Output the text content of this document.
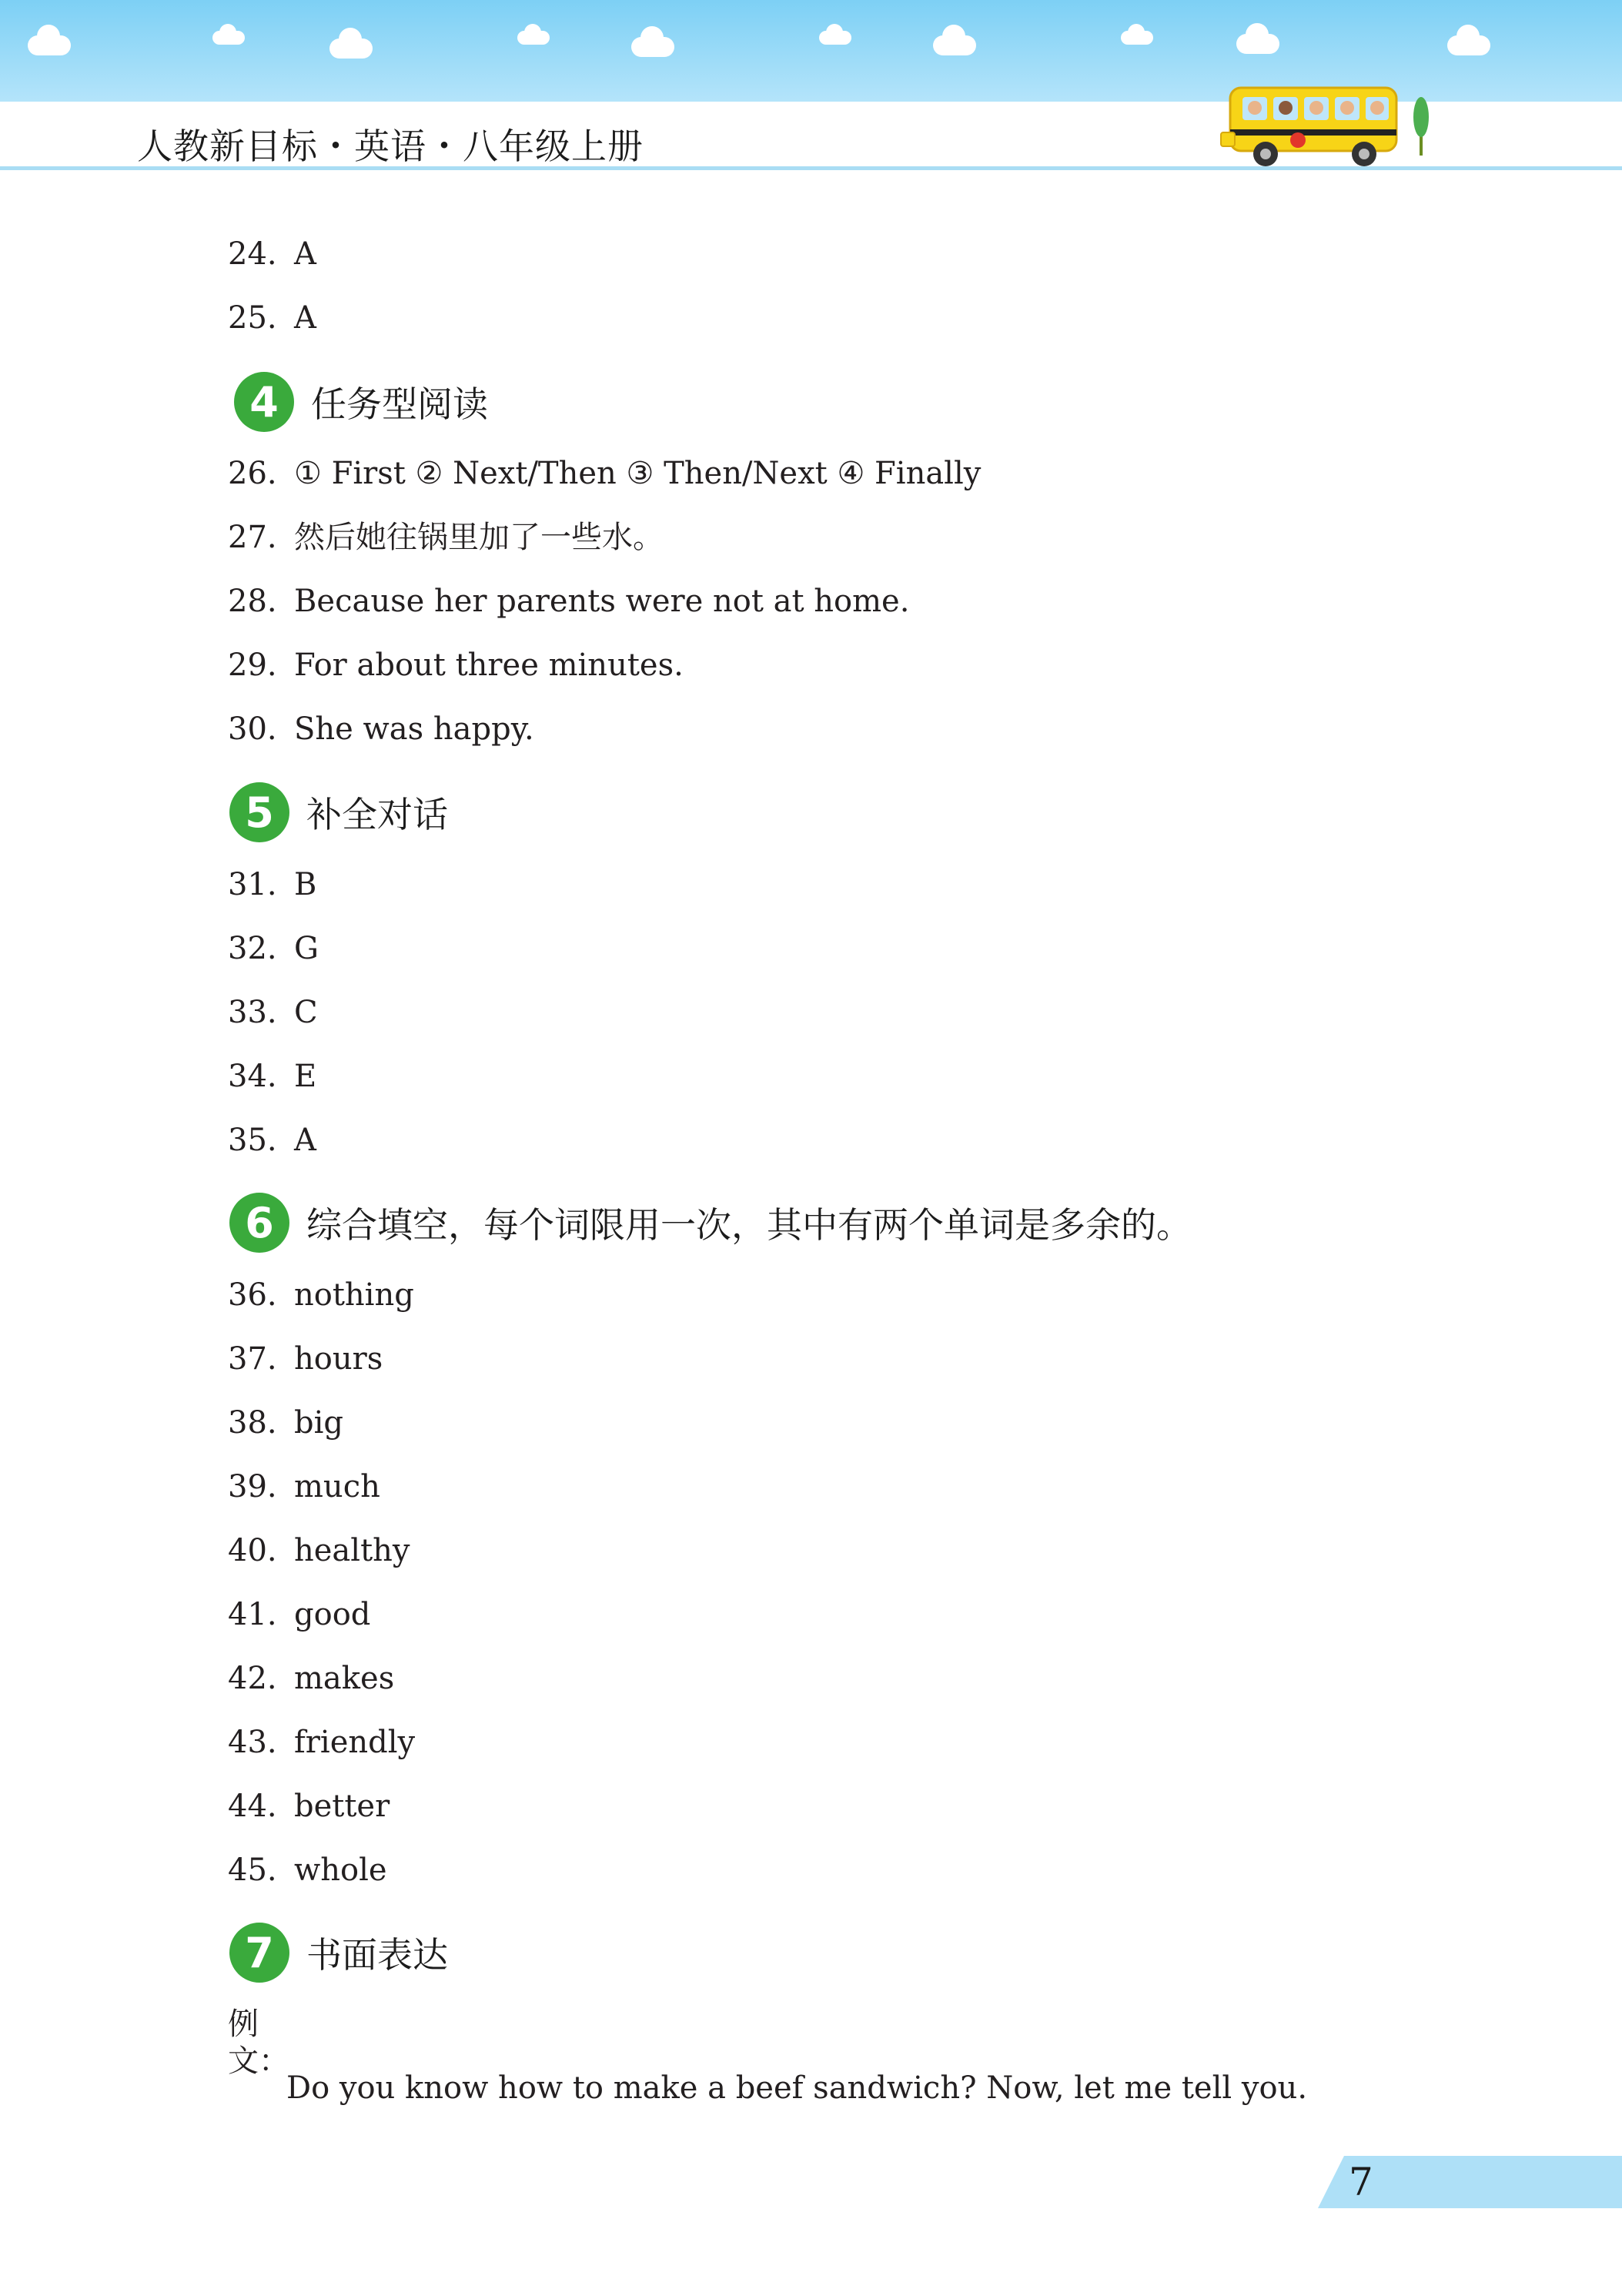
人教新目标・英语・八年级上册
24. A
25. A
4 任务型阅读
26. ① First ② Next/Then ③ Then/Next ④ Finally
27. 然后她往锅里加了一些水。
28. Because her parents were not at home.
29. For about three minutes.
30. She was happy.
5 补全对话
31. B
32. G
33. C
34. E
35. A
6 综合填空，每个词限用一次，其中有两个单词是多余的。
36. nothing
37. hours
38. big
39. much
40. healthy
41. good
42. makes
43. friendly
44. better
45. whole
7 书面表达
例文：
Do you know how to make a beef sandwich? Now, let me tell you.
7
